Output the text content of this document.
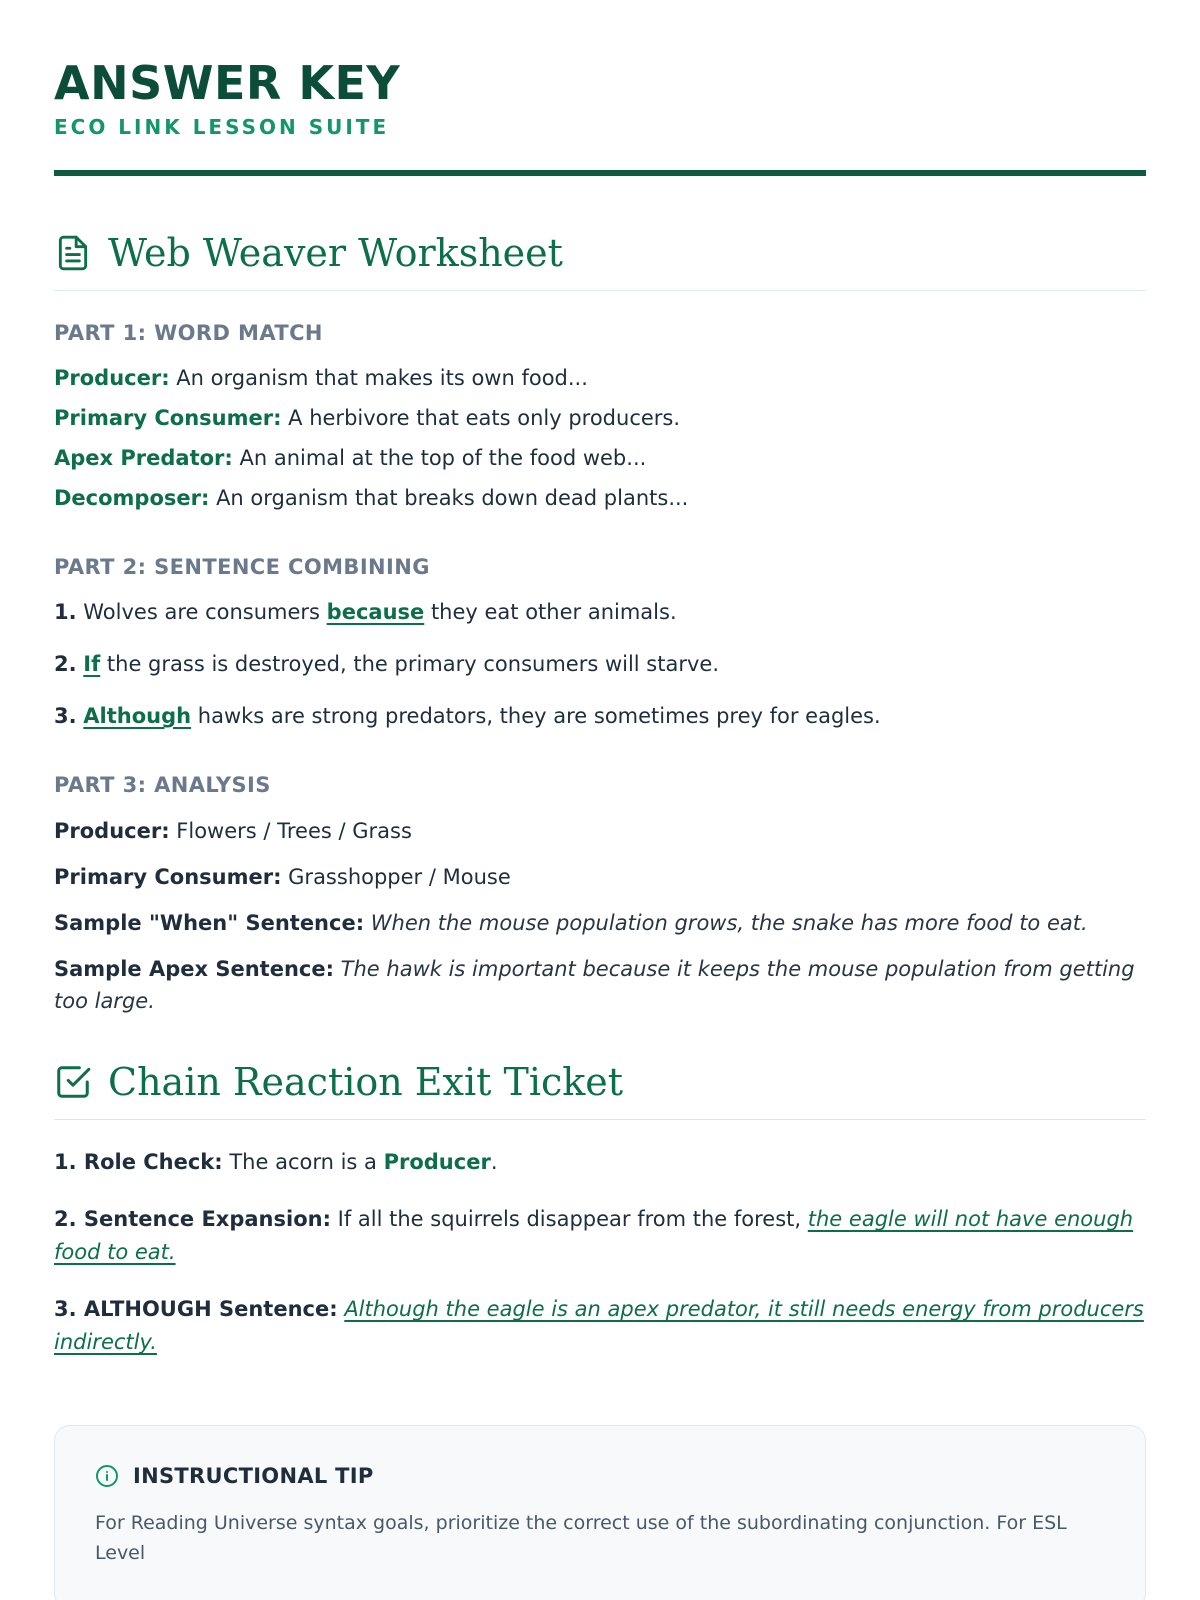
ANSWER KEY
ECO LINK LESSON SUITE
Web Weaver Worksheet
PART 1: WORD MATCH

Producer: An organism that makes its own food...

Primary Consumer: A herbivore that eats only producers.

Apex Predator: An animal at the top of the food web...

Decomposer: An organism that breaks down dead plants...

PART 2: SENTENCE COMBINING

1. Wolves are consumers because they eat other animals.

2. If the grass is destroyed, the primary consumers will starve.

3. Although hawks are strong predators, they are sometimes prey for eagles.

PART 3: ANALYSIS

Producer: Flowers / Trees / Grass

Primary Consumer: Grasshopper / Mouse

Sample "When" Sentence: When the mouse population grows, the snake has more food to eat.

Sample Apex Sentence: The hawk is important because it keeps the mouse population from getting too large.

Chain Reaction Exit Ticket

1. Role Check: The acorn is a Producer.

2. Sentence Expansion: If all the squirrels disappear from the forest, the eagle will not have enough food to eat.

3. ALTHOUGH Sentence: Although the eagle is an apex predator, it still needs energy from producers indirectly.

INSTRUCTIONAL TIP
For Reading Universe syntax goals, prioritize the correct use of the subordinating conjunction. For ESL Level
